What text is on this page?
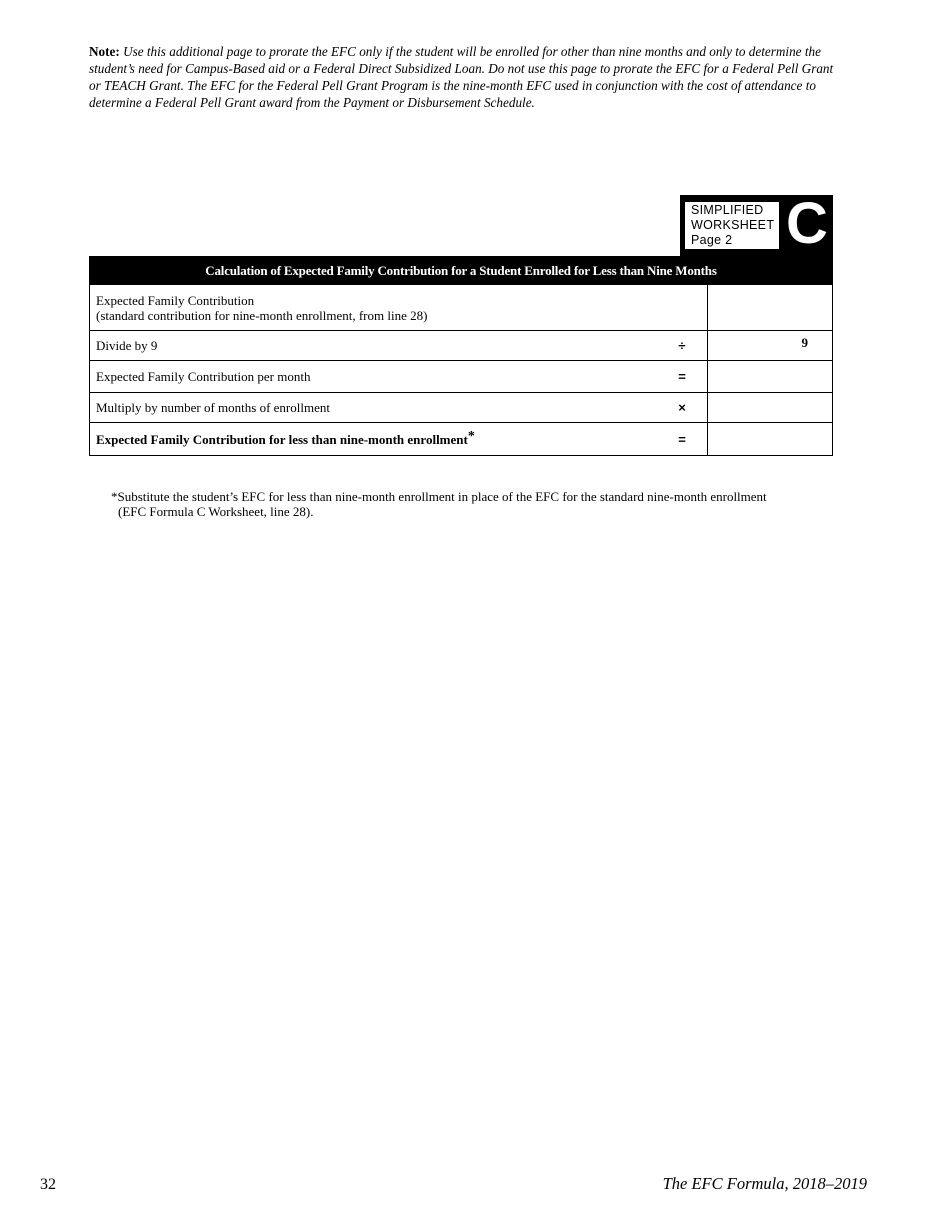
Note: Use this additional page to prorate the EFC only if the student will be enrolled for other than nine months and only to determine the student’s need for Campus-Based aid or a Federal Direct Subsidized Loan. Do not use this page to prorate the EFC for a Federal Pell Grant or TEACH Grant. The EFC for the Federal Pell Grant Program is the nine-month EFC used in conjunction with the cost of attendance to determine a Federal Pell Grant award from the Payment or Disbursement Schedule.
SIMPLIFIED
WORKSHEET
Page 2 C
Calculation of Expected Family Contribution for a Student Enrolled for Less than Nine Months		

Expected Family Contribution
(standard contribution for nine-month enrollment, from line 28)		

Divide by 9	÷	9
Expected Family Contribution per month	=	
Multiply by number of months of enrollment	×	
Expected Family Contribution for less than nine-month enrollment*	=	
*Substitute the student’s EFC for less than nine-month enrollment in place of the EFC for the standard nine-month enrollment
(EFC Formula C Worksheet, line 28).
32	The EFC Formula, 2018–2019
